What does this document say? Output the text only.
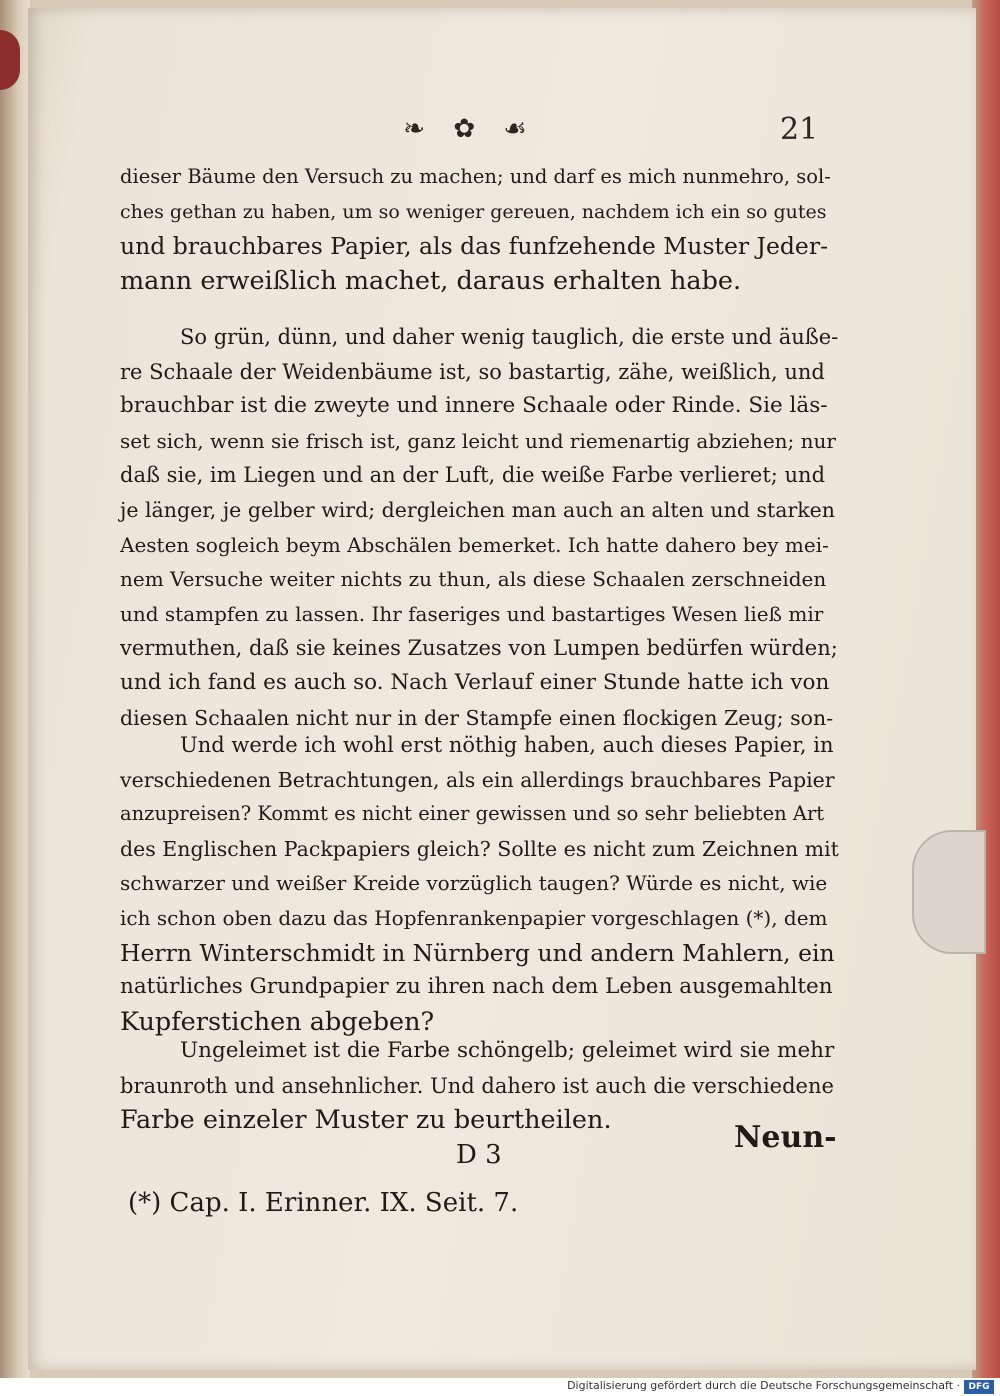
❧ ✿ ☙	21
dieser Bäume den Versuch zu machen; und darf es mich nunmehro, sol-
ches gethan zu haben, um so weniger gereuen, nachdem ich ein so gutes
und brauchbares Papier, als das funfzehende Muster Jeder-
mann erweißlich machet, daraus erhalten habe.
So grün, dünn, und daher wenig tauglich, die erste und äuße-
re Schaale der Weidenbäume ist, so bastartig, zähe, weißlich, und
brauchbar ist die zweyte und innere Schaale oder Rinde. Sie läs-
set sich, wenn sie frisch ist, ganz leicht und riemenartig abziehen; nur
daß sie, im Liegen und an der Luft, die weiße Farbe verlieret; und
je länger, je gelber wird; dergleichen man auch an alten und starken
Aesten sogleich beym Abschälen bemerket. Ich hatte dahero bey mei-
nem Versuche weiter nichts zu thun, als diese Schaalen zerschneiden
und stampfen zu lassen. Ihr faseriges und bastartiges Wesen ließ mir
vermuthen, daß sie keines Zusatzes von Lumpen bedürfen würden;
und ich fand es auch so. Nach Verlauf einer Stunde hatte ich von
diesen Schaalen nicht nur in der Stampfe einen flockigen Zeug; son-
Und werde ich wohl erst nöthig haben, auch dieses Papier, in
verschiedenen Betrachtungen, als ein allerdings brauchbares Papier
anzupreisen? Kommt es nicht einer gewissen und so sehr beliebten Art
des Englischen Packpapiers gleich? Sollte es nicht zum Zeichnen mit
schwarzer und weißer Kreide vorzüglich taugen? Würde es nicht, wie
ich schon oben dazu das Hopfenrankenpapier vorgeschlagen (*), dem
Herrn Winterschmidt in Nürnberg und andern Mahlern, ein
natürliches Grundpapier zu ihren nach dem Leben ausgemahlten
Kupferstichen abgeben?
Ungeleimet ist die Farbe schöngelb; geleimet wird sie mehr
braunroth und ansehnlicher. Und dahero ist auch die verschiedene
Farbe einzeler Muster zu beurtheilen.	Neun-
D 3
(*) Cap. I. Erinner. IX. Seit. 7.
Digitalisierung gefördert durch die Deutsche Forschungsgemeinschaft · DFG
